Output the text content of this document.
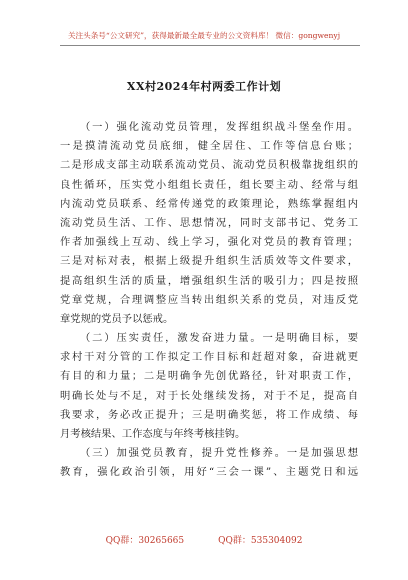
关注头条号“公文研究”，获得最新最全最专业的公文资料库！ 微信：gongwenyj
XX村2024年村两委工作计划
（一）强化流动党员管理，发挥组织战斗堡垒作用。
一是摸清流动党员底细，健全居住、工作等信息台账；
二是形成支部主动联系流动党员、流动党员积极靠拢组织的
良性循环，压实党小组组长责任，组长要主动、经常与组
内流动党员联系、经常传递党的政策理论，熟练掌握组内
流动党员生活、工作、思想情况，同时支部书记、党务工
作者加强线上互动、线上学习，强化对党员的教育管理；
三是对标对表，根据上级提升组织生活质效等文件要求，
提高组织生活的质量，增强组织生活的吸引力；四是按照
党章党规，合理调整应当转出组织关系的党员，对违反党
章党规的党员予以惩戒。
（二）压实责任，激发奋进力量。一是明确目标，要
求村干对分管的工作拟定工作目标和赶超对象，奋进就更
有目的和力量；二是明确争先创优路径，针对职责工作，
明确长处与不足，对于长处继续发扬，对于不足，提高自
我要求，务必改正提升；三是明确奖惩，将工作成绩、每
月考核结果、工作态度与年终考核挂钩。
（三）加强党员教育，提升党性修养。一是加强思想
教育，强化政治引领，用好“三会一课”、主题党日和远
QQ群：30265665	QQ群：535304092
